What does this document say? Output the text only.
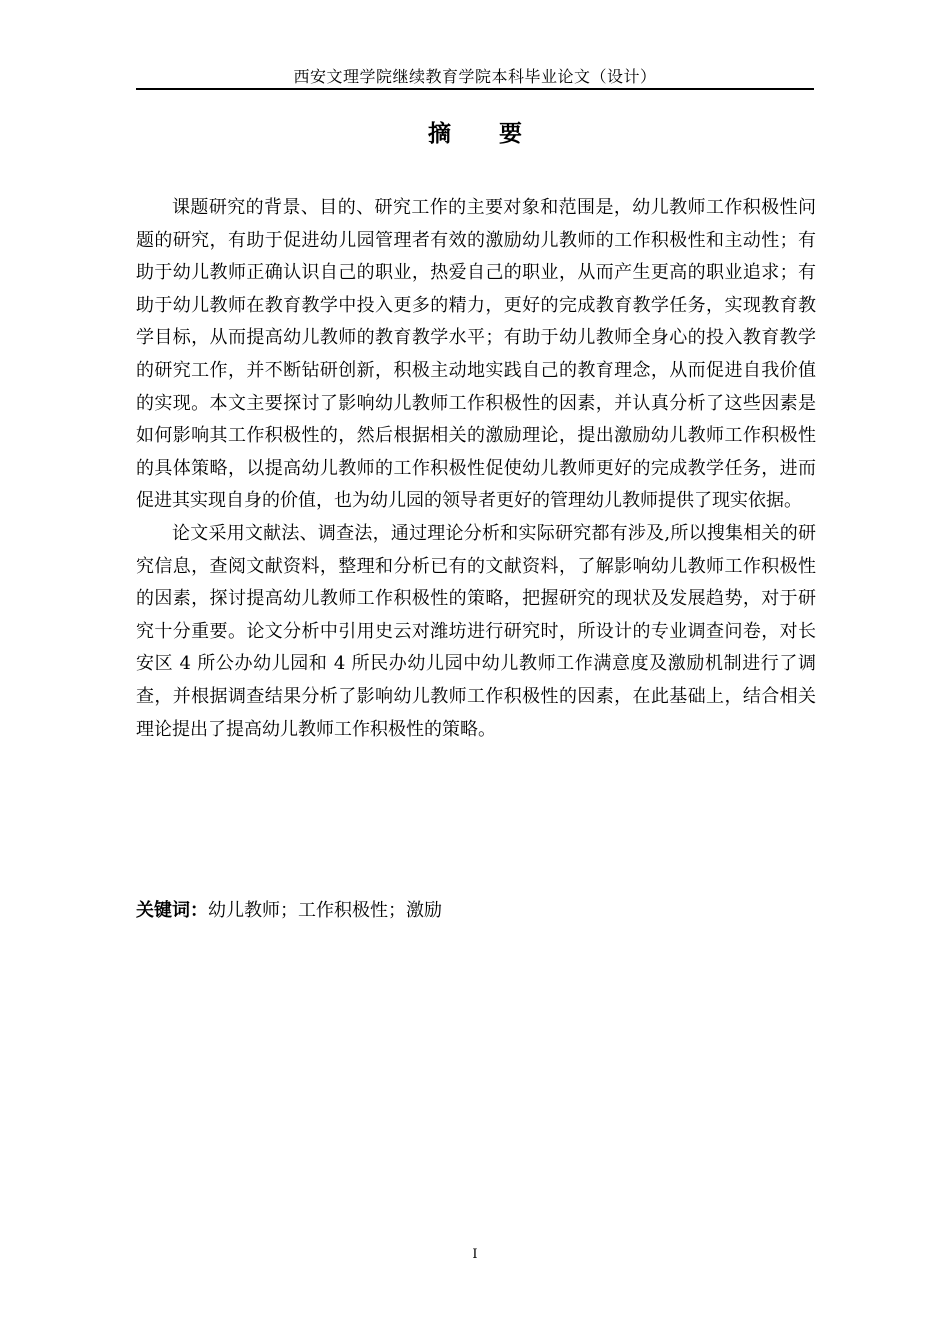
西安文理学院继续教育学院本科毕业论文（设计）
摘 要

课题研究的背景、目的、研究工作的主要对象和范围是，幼儿教师工作积极性问题的研究，有助于促进幼儿园管理者有效的激励幼儿教师的工作积极性和主动性；有助于幼儿教师正确认识自己的职业，热爱自己的职业，从而产生更高的职业追求；有助于幼儿教师在教育教学中投入更多的精力，更好的完成教育教学任务，实现教育教学目标，从而提高幼儿教师的教育教学水平；有助于幼儿教师全身心的投入教育教学的研究工作，并不断钻研创新，积极主动地实践自己的教育理念，从而促进自我价值的实现。本文主要探讨了影响幼儿教师工作积极性的因素，并认真分析了这些因素是如何影响其工作积极性的，然后根据相关的激励理论，提出激励幼儿教师工作积极性的具体策略，以提高幼儿教师的工作积极性促使幼儿教师更好的完成教学任务，进而促进其实现自身的价值，也为幼儿园的领导者更好的管理幼儿教师提供了现实依据。

论文采用文献法、调查法，通过理论分析和实际研究都有涉及,所以搜集相关的研究信息，查阅文献资料，整理和分析已有的文献资料，了解影响幼儿教师工作积极性的因素，探讨提高幼儿教师工作积极性的策略，把握研究的现状及发展趋势，对于研究十分重要。论文分析中引用史云对潍坊进行研究时，所设计的专业调查问卷，对长安区 4 所公办幼儿园和 4 所民办幼儿园中幼儿教师工作满意度及激励机制进行了调查，并根据调查结果分析了影响幼儿教师工作积极性的因素，在此基础上，结合相关理论提出了提高幼儿教师工作积极性的策略。

关键词：幼儿教师；工作积极性；激励
I
